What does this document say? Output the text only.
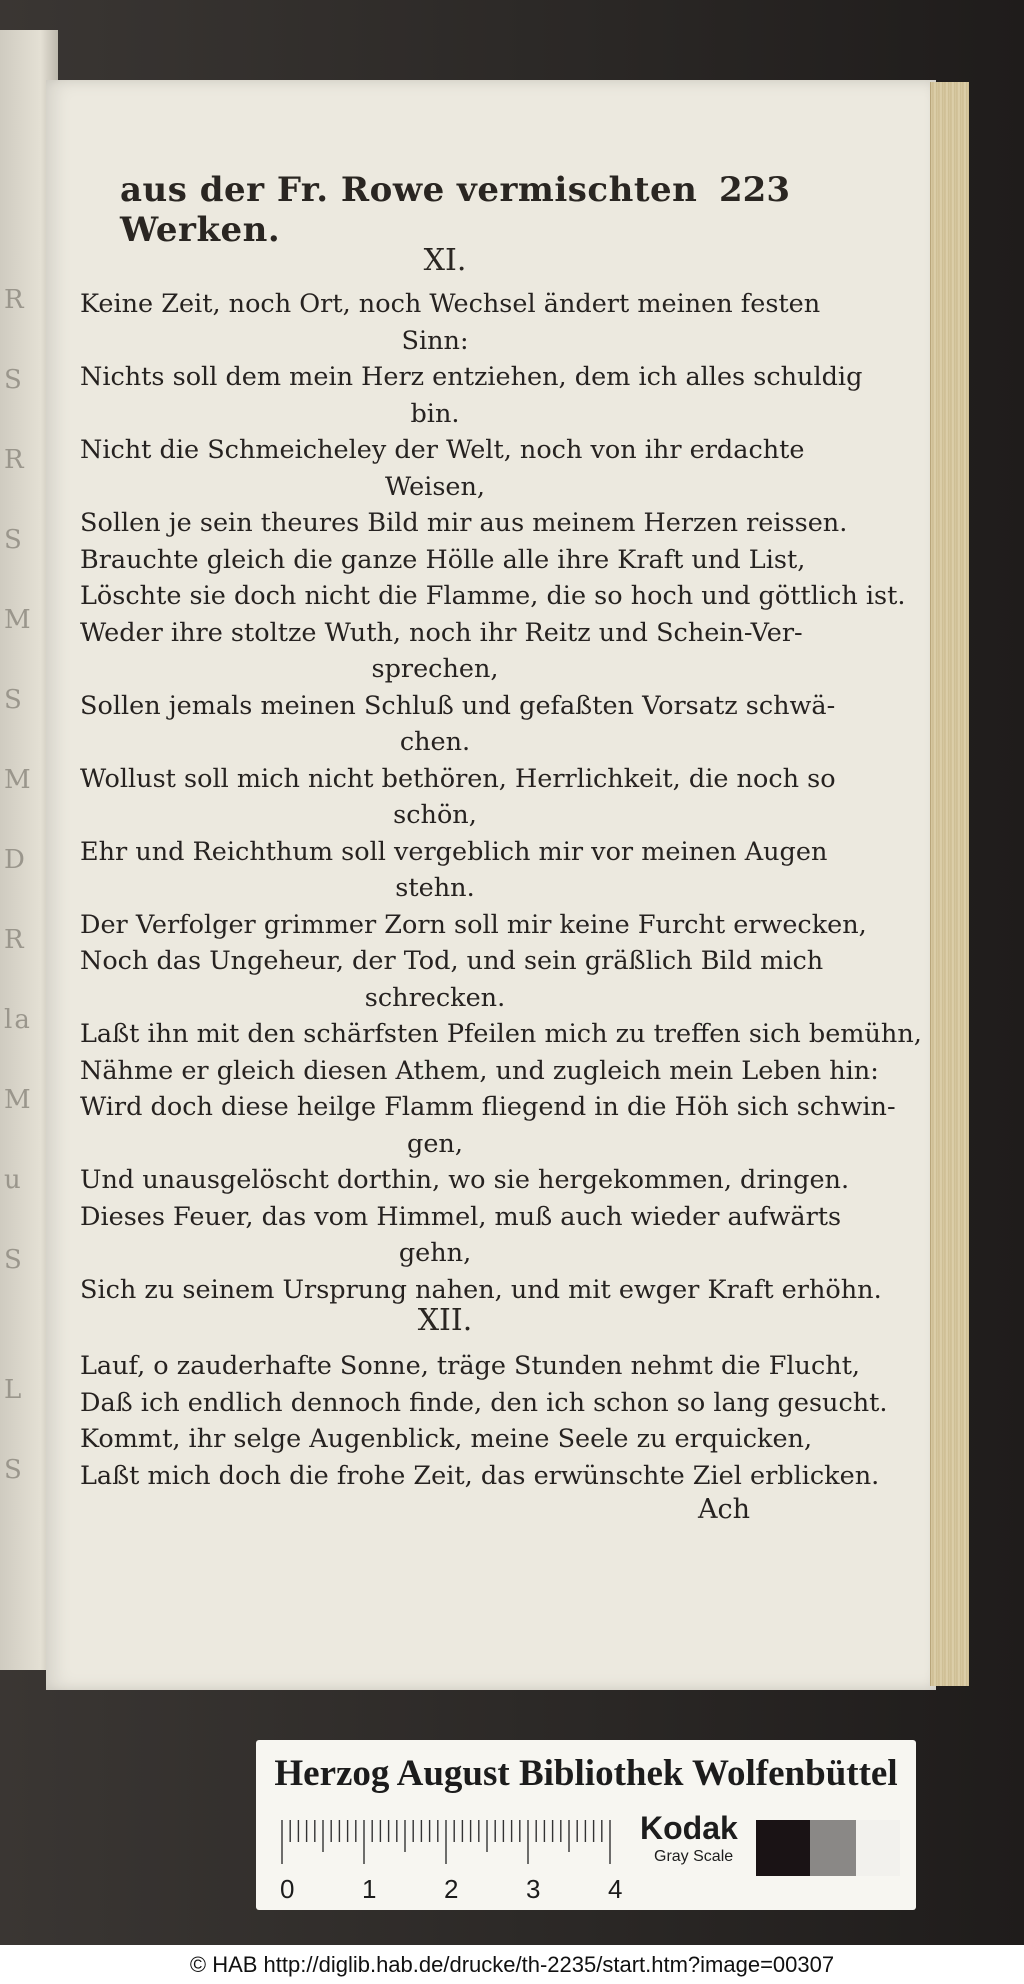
R
S
R
S
M
S
M
D
R
la
M
u
S
L
S
aus der Fr. Rowe vermischten Werken.
223
XI.
Keine Zeit, noch Ort, noch Wechsel ändert meinen festen
Sinn:
Nichts soll dem mein Herz entziehen, dem ich alles schuldig
bin.
Nicht die Schmeicheley der Welt, noch von ihr erdachte
Weisen,
Sollen je sein theures Bild mir aus meinem Herzen reissen.
Brauchte gleich die ganze Hölle alle ihre Kraft und List,
Löschte sie doch nicht die Flamme, die so hoch und göttlich ist.
Weder ihre stoltze Wuth, noch ihr Reitz und Schein-Ver-
sprechen,
Sollen jemals meinen Schluß und gefaßten Vorsatz schwä-
chen.
Wollust soll mich nicht bethören, Herrlichkeit, die noch so
schön,
Ehr und Reichthum soll vergeblich mir vor meinen Augen
stehn.
Der Verfolger grimmer Zorn soll mir keine Furcht erwecken,
Noch das Ungeheur, der Tod, und sein gräßlich Bild mich
schrecken.
Laßt ihn mit den schärfsten Pfeilen mich zu treffen sich bemühn,
Nähme er gleich diesen Athem, und zugleich mein Leben hin:
Wird doch diese heilge Flamm fliegend in die Höh sich schwin-
gen,
Und unausgelöscht dorthin, wo sie hergekommen, dringen.
Dieses Feuer, das vom Himmel, muß auch wieder aufwärts
gehn,
Sich zu seinem Ursprung nahen, und mit ewger Kraft erhöhn.
XII.
Lauf, o zauderhafte Sonne, träge Stunden nehmt die Flucht,
Daß ich endlich dennoch finde, den ich schon so lang gesucht.
Kommt, ihr selge Augenblick, meine Seele zu erquicken,
Laßt mich doch die frohe Zeit, das erwünschte Ziel erblicken.
Ach
Herzog August Bibliothek Wolfenbüttel
0	1	2	3	4
Kodak
Gray Scale
© HAB http://diglib.hab.de/drucke/th-2235/start.htm?image=00307
